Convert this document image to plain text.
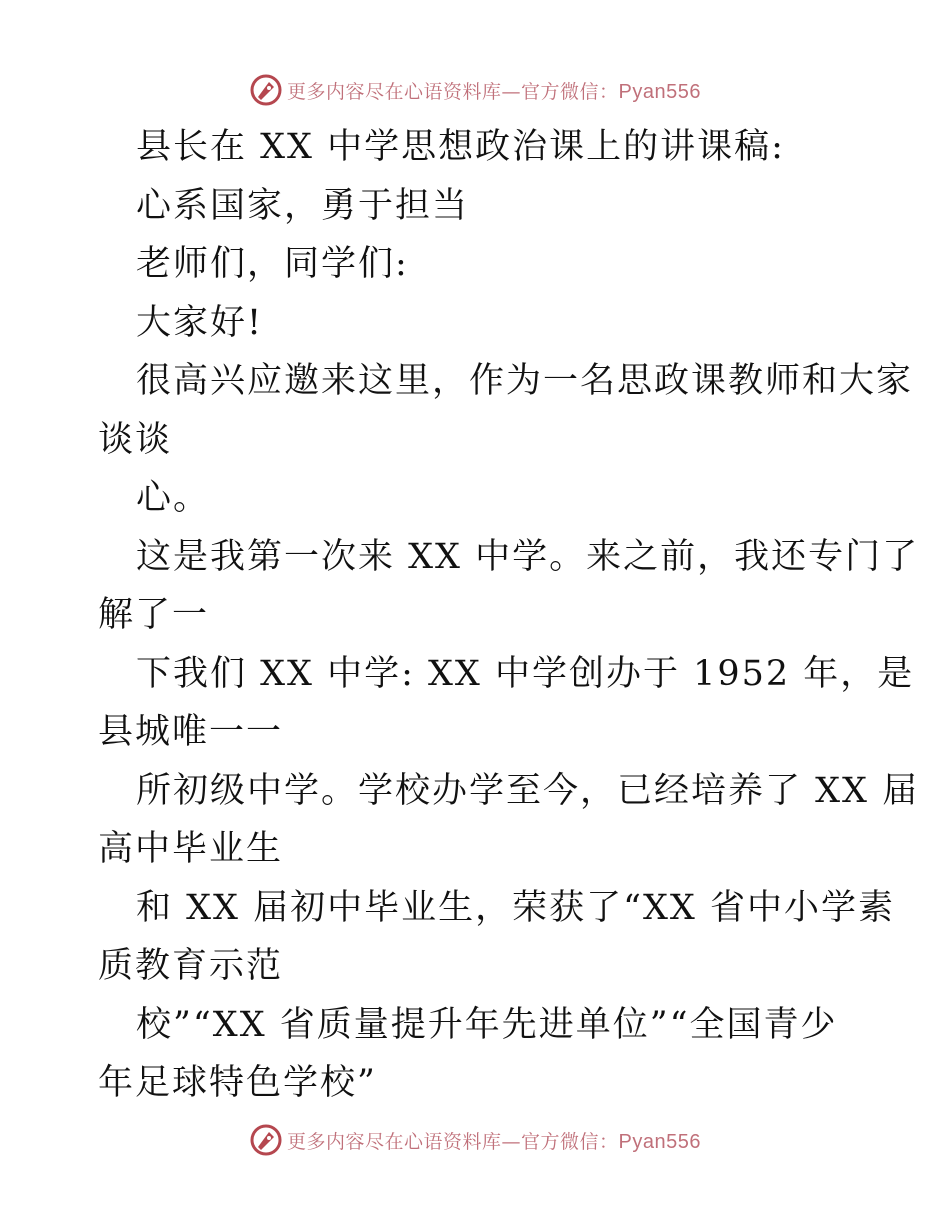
更多内容尽在心语资料库—官方微信：Pyan556
县长在 XX 中学思想政治课上的讲课稿:
心系国家，勇于担当
老师们，同学们:
大家好!
很高兴应邀来这里，作为一名思政课教师和大家
谈谈
心。
这是我第一次来 XX 中学。来之前，我还专门了
解了一
下我们 XX 中学: XX 中学创办于 1952 年，是
县城唯一一
所初级中学。学校办学至今，已经培养了 XX 届
高中毕业生
和 XX 届初中毕业生，荣获了“XX 省中小学素
质教育示范
校”“XX 省质量提升年先进单位”“全国青少
年足球特色学校”
更多内容尽在心语资料库—官方微信：Pyan556
